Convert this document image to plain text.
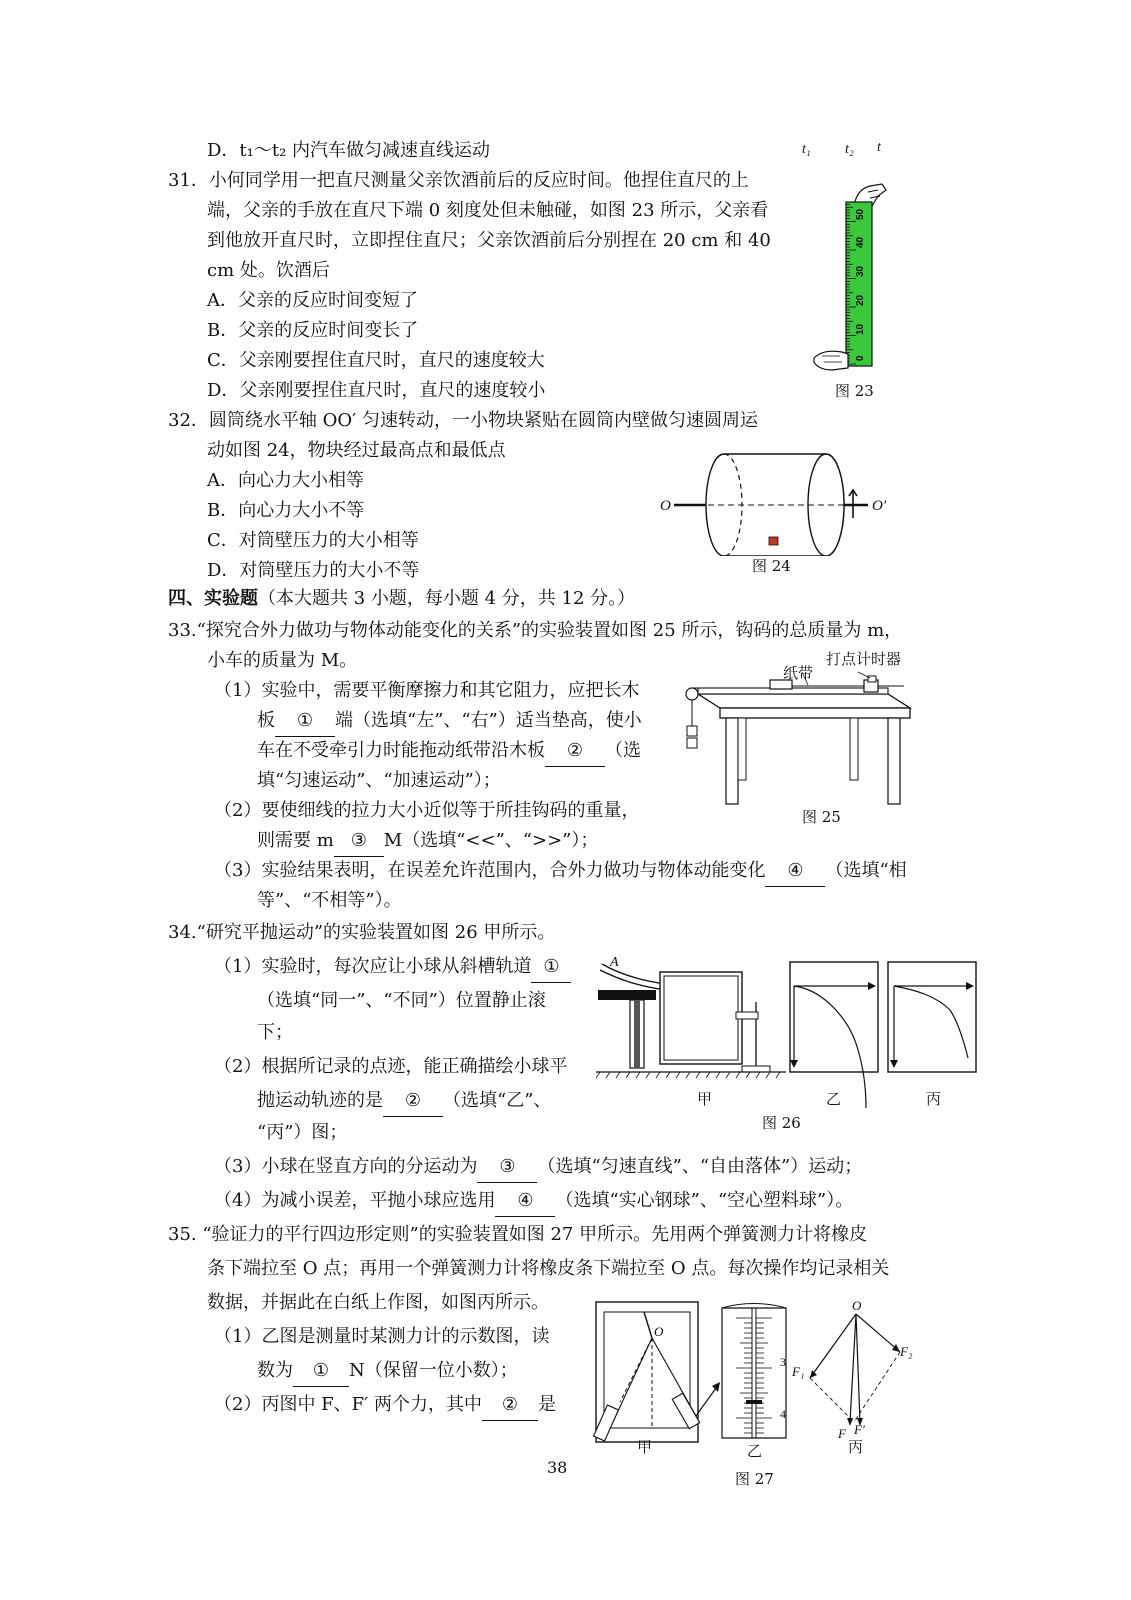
D．t₁～t₂ 内汽车做匀减速直线运动	t₁ t₂ t
31．小何同学用一把直尺测量父亲饮酒前后的反应时间。他捏住直尺的上
端，父亲的手放在直尺下端 0 刻度处但未触碰，如图 23 所示，父亲看
到他放开直尺时，立即捏住直尺；父亲饮酒前后分别捏在 20 cm 和 40
cm 处。饮酒后
A．父亲的反应时间变短了
B．父亲的反应时间变长了
C．父亲刚要捏住直尺时，直尺的速度较大
D．父亲刚要捏住直尺时，直尺的速度较小
0
10
20
30
40
50
图 23
32．圆筒绕水平轴 OO′ 匀速转动，一小物块紧贴在圆筒内壁做匀速圆周运
动如图 24，物块经过最高点和最低点
A．向心力大小相等
B．向心力大小不等
C．对筒壁压力的大小相等
D．对筒壁压力的大小不等
O	O′
图 24
四、实验题（本大题共 3 小题，每小题 4 分，共 12 分。）
33.“探究合外力做功与物体动能变化的关系”的实验装置如图 25 所示，钩码的总质量为 m，
小车的质量为 M。
（1）实验中，需要平衡摩擦力和其它阻力，应把长木
板 ① 端（选填“左”、“右”）适当垫高，使小
车在不受牵引力时能拖动纸带沿木板 ② （选
填“匀速运动”、“加速运动”）；
（2）要使细线的拉力大小近似等于所挂钩码的重量，
则需要 m ③ M（选填“<<”、“>>”）；
（3）实验结果表明，在误差允许范围内，合外力做功与物体动能变化 ④ （选填“相
等”、“不相等”）。
纸带
打点计时器
图 25
34.“研究平抛运动”的实验装置如图 26 甲所示。
（1）实验时，每次应让小球从斜槽轨道 ①
（选填“同一”、“不同”）位置静止滚
下；
（2）根据所记录的点迹，能正确描绘小球平
抛运动轨迹的是 ② （选填“乙”、
“丙”）图；
（3）小球在竖直方向的分运动为 ③ （选填“匀速直线”、“自由落体”）运动；
（4）为减小误差，平抛小球应选用 ④ （选填“实心钢球”、“空心塑料球”）。
A
甲	乙	丙
图 26
35. “验证力的平行四边形定则”的实验装置如图 27 甲所示。先用两个弹簧测力计将橡皮
条下端拉至 O 点；再用一个弹簧测力计将橡皮条下端拉至 O 点。每次操作均记录相关
数据，并据此在白纸上作图，如图丙所示。
（1）乙图是测量时某测力计的示数图，读
数为 ① N（保留一位小数）；
（2）丙图中 F、F′ 两个力，其中 ② 是
O
3
4
O
F₁
F₂
F F′
甲	乙	丙
图 27
38
